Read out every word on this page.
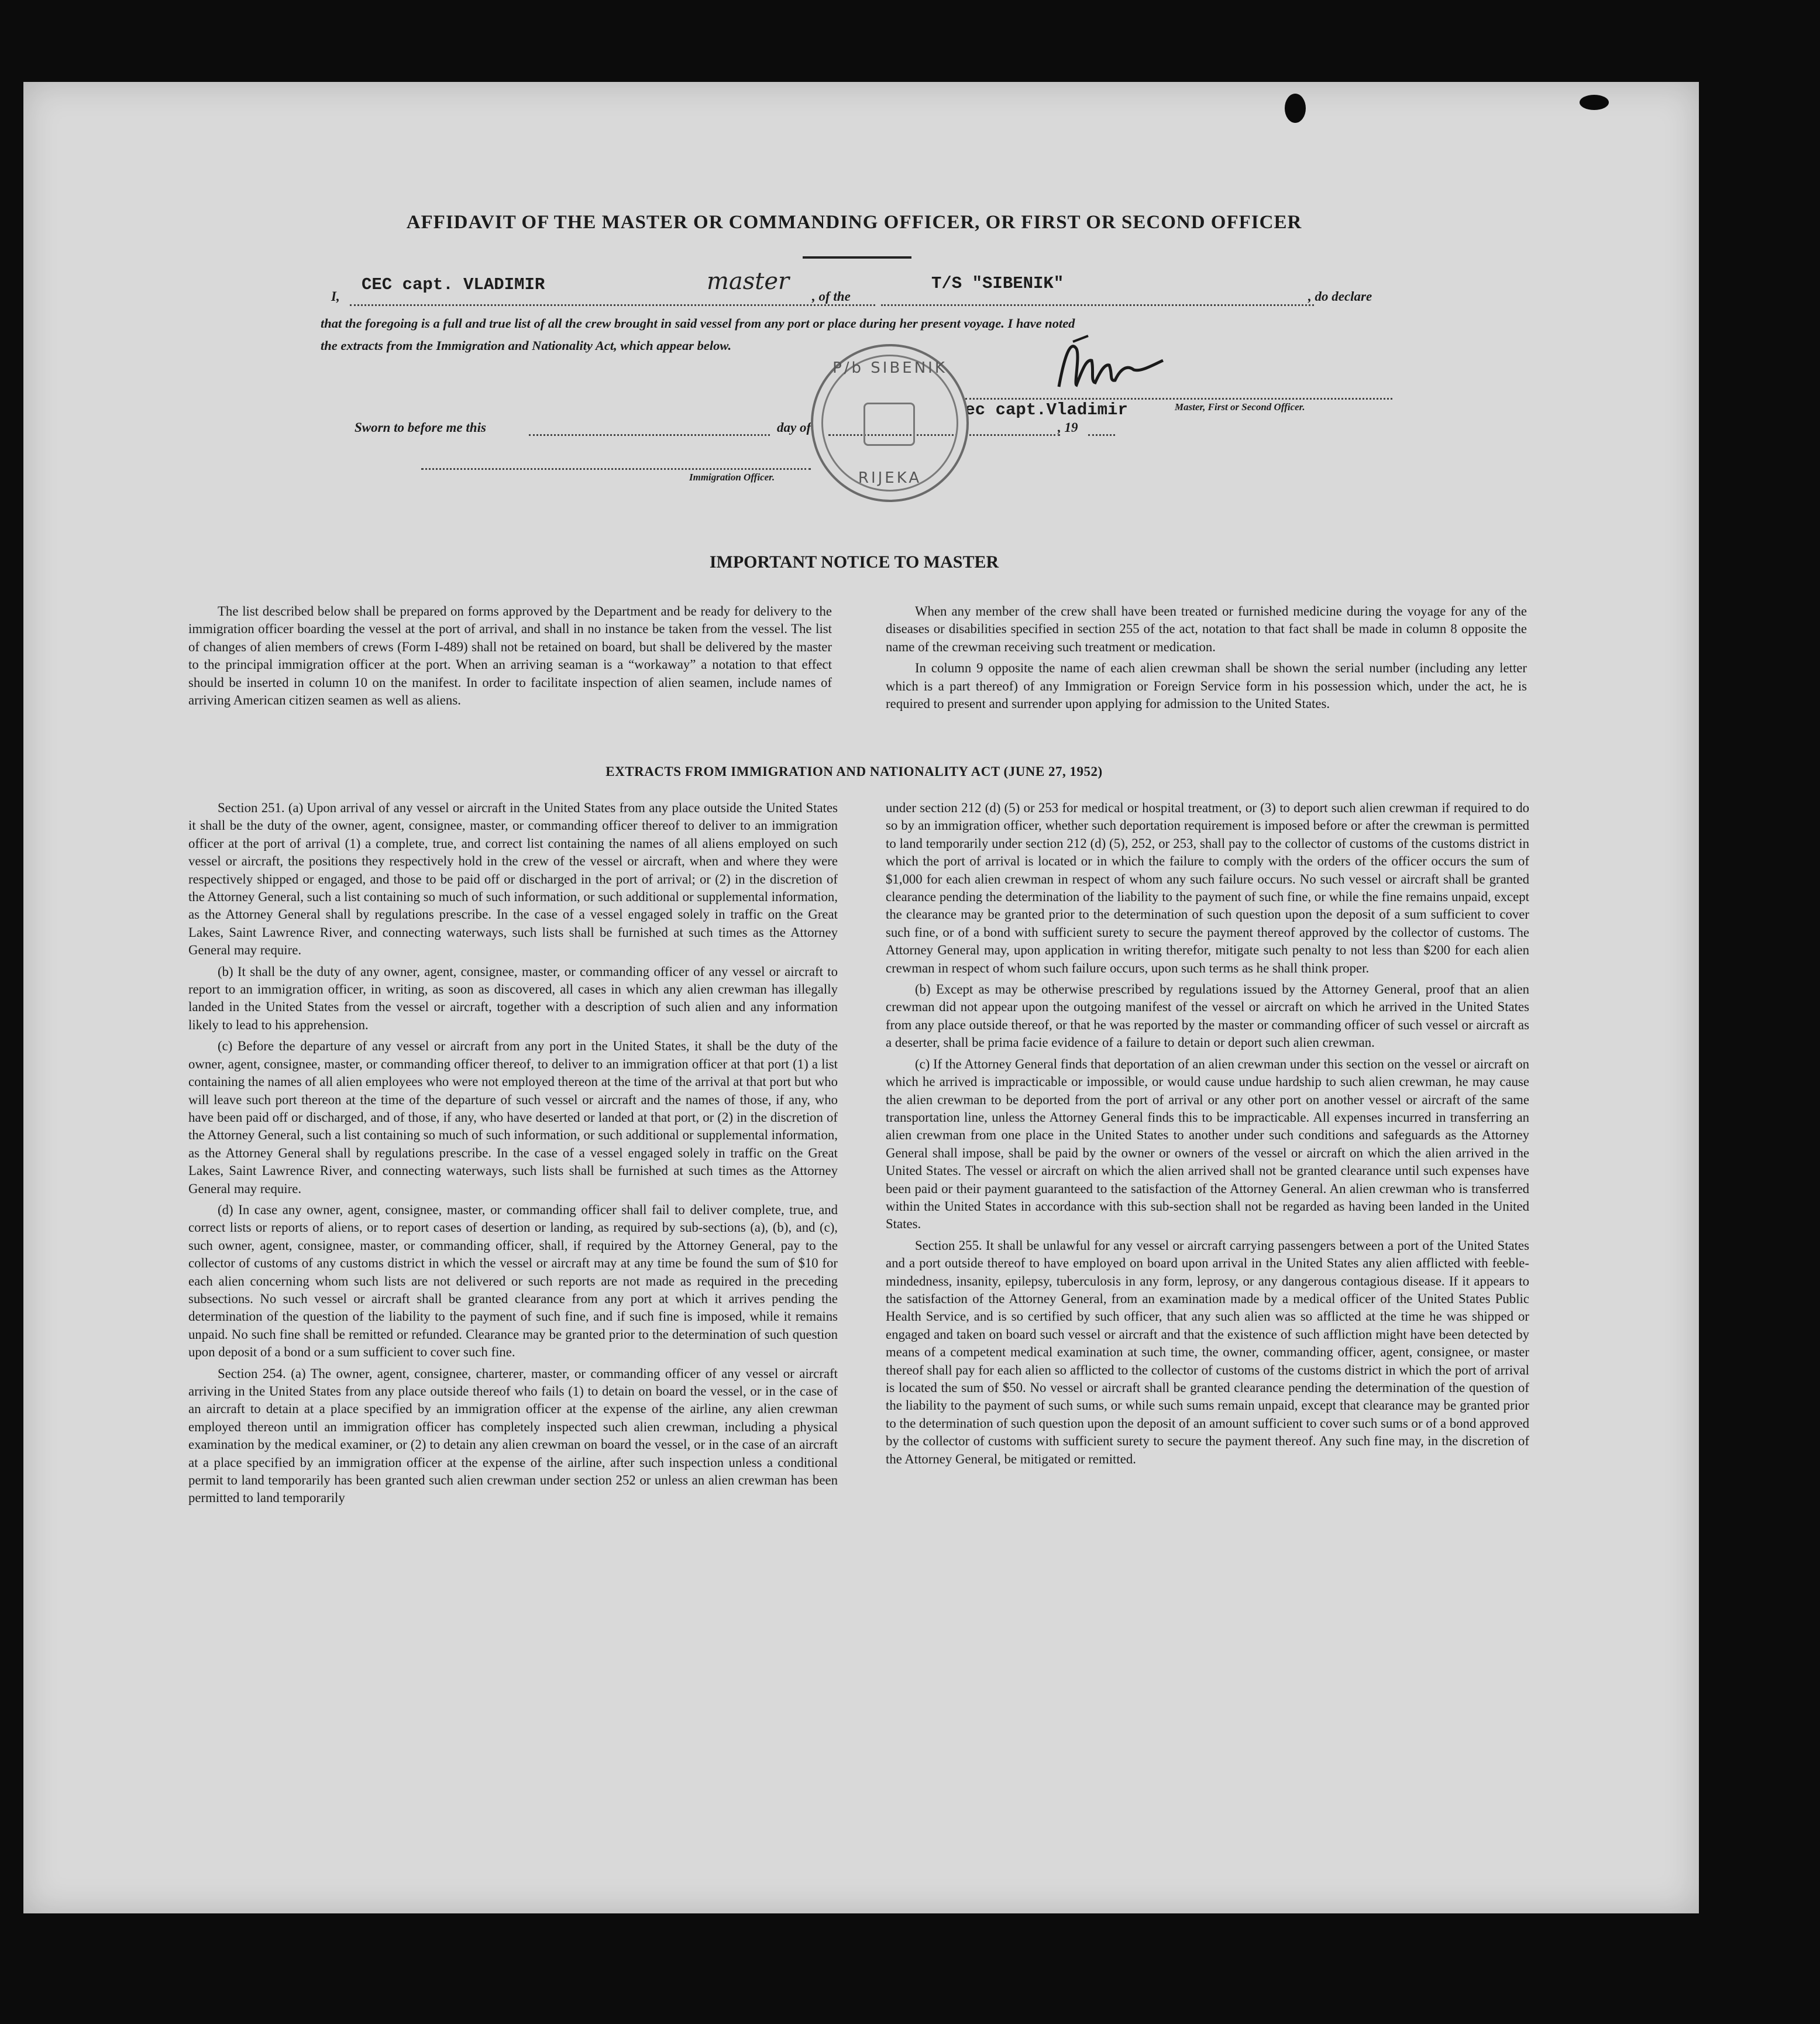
AFFIDAVIT OF THE MASTER OR COMMANDING OFFICER, OR FIRST OR SECOND OFFICER
I,
CEC capt. VLADIMIR	master
, of the
T/S "SIBENIK"
, do declare
that the foregoing is a full and true list of all the crew brought in said vessel from any port or place during her present voyage. I have noted
the extracts from the Immigration and Nationality Act, which appear below.
Cec capt.Vladimir	Master, First or Second Officer.
Sworn to before me this	day of	, 19
Immigration Officer.
P/b SIBENIK
RIJEKA
IMPORTANT NOTICE TO MASTER

The list described below shall be prepared on forms approved by the Department and be ready for delivery to the immigration officer boarding the vessel at the port of arrival, and shall in no instance be taken from the vessel. The list of changes of alien members of crews (Form I-489) shall not be retained on board, but shall be delivered by the master to the principal immigration officer at the port. When an arriving seaman is a “workaway” a notation to that effect should be inserted in column 10 on the manifest. In order to facilitate inspection of alien seamen, include names of arriving American citizen seamen as well as aliens.

When any member of the crew shall have been treated or furnished medicine during the voyage for any of the diseases or disabilities specified in section 255 of the act, notation to that fact shall be made in column 8 opposite the name of the crewman receiving such treatment or medication.

In column 9 opposite the name of each alien crewman shall be shown the serial number (including any letter which is a part thereof) of any Immigration or Foreign Service form in his possession which, under the act, he is required to present and surrender upon applying for admission to the United States.

EXTRACTS FROM IMMIGRATION AND NATIONALITY ACT (JUNE 27, 1952)

Section 251. (a) Upon arrival of any vessel or aircraft in the United States from any place outside the United States it shall be the duty of the owner, agent, consignee, master, or commanding officer thereof to deliver to an immigration officer at the port of arrival (1) a complete, true, and correct list containing the names of all aliens employed on such vessel or aircraft, the positions they respectively hold in the crew of the vessel or aircraft, when and where they were respectively shipped or engaged, and those to be paid off or discharged in the port of arrival; or (2) in the discretion of the Attorney General, such a list containing so much of such information, or such additional or supplemental information, as the Attorney General shall by regulations prescribe. In the case of a vessel engaged solely in traffic on the Great Lakes, Saint Lawrence River, and connecting waterways, such lists shall be furnished at such times as the Attorney General may require.

(b) It shall be the duty of any owner, agent, consignee, master, or commanding officer of any vessel or aircraft to report to an immigration officer, in writing, as soon as discovered, all cases in which any alien crewman has illegally landed in the United States from the vessel or aircraft, together with a description of such alien and any information likely to lead to his apprehension.

(c) Before the departure of any vessel or aircraft from any port in the United States, it shall be the duty of the owner, agent, consignee, master, or commanding officer thereof, to deliver to an immigration officer at that port (1) a list containing the names of all alien employees who were not employed thereon at the time of the arrival at that port but who will leave such port thereon at the time of the departure of such vessel or aircraft and the names of those, if any, who have been paid off or discharged, and of those, if any, who have deserted or landed at that port, or (2) in the discretion of the Attorney General, such a list containing so much of such information, or such additional or supplemental information, as the Attorney General shall by regulations prescribe. In the case of a vessel engaged solely in traffic on the Great Lakes, Saint Lawrence River, and connecting waterways, such lists shall be furnished at such times as the Attorney General may require.

(d) In case any owner, agent, consignee, master, or commanding officer shall fail to deliver complete, true, and correct lists or reports of aliens, or to report cases of desertion or landing, as required by sub-sections (a), (b), and (c), such owner, agent, consignee, master, or commanding officer, shall, if required by the Attorney General, pay to the collector of customs of any customs district in which the vessel or aircraft may at any time be found the sum of $10 for each alien concerning whom such lists are not delivered or such reports are not made as required in the preceding subsections. No such vessel or aircraft shall be granted clearance from any port at which it arrives pending the determination of the question of the liability to the payment of such fine, and if such fine is imposed, while it remains unpaid. No such fine shall be remitted or refunded. Clearance may be granted prior to the determination of such question upon deposit of a bond or a sum sufficient to cover such fine.

Section 254. (a) The owner, agent, consignee, charterer, master, or commanding officer of any vessel or aircraft arriving in the United States from any place outside thereof who fails (1) to detain on board the vessel, or in the case of an aircraft to detain at a place specified by an immigration officer at the expense of the airline, any alien crewman employed thereon until an immigration officer has completely inspected such alien crewman, including a physical examination by the medical examiner, or (2) to detain any alien crewman on board the vessel, or in the case of an aircraft at a place specified by an immigration officer at the expense of the airline, after such inspection unless a conditional permit to land temporarily has been granted such alien crewman under section 252 or unless an alien crewman has been permitted to land temporarily

under section 212 (d) (5) or 253 for medical or hospital treatment, or (3) to deport such alien crewman if required to do so by an immigration officer, whether such deportation requirement is imposed before or after the crewman is permitted to land temporarily under section 212 (d) (5), 252, or 253, shall pay to the collector of customs of the customs district in which the port of arrival is located or in which the failure to comply with the orders of the officer occurs the sum of $1,000 for each alien crewman in respect of whom any such failure occurs. No such vessel or aircraft shall be granted clearance pending the determination of the liability to the payment of such fine, or while the fine remains unpaid, except the clearance may be granted prior to the determination of such question upon the deposit of a sum sufficient to cover such fine, or of a bond with sufficient surety to secure the payment thereof approved by the collector of customs. The Attorney General may, upon application in writing therefor, mitigate such penalty to not less than $200 for each alien crewman in respect of whom such failure occurs, upon such terms as he shall think proper.

(b) Except as may be otherwise prescribed by regulations issued by the Attorney General, proof that an alien crewman did not appear upon the outgoing manifest of the vessel or aircraft on which he arrived in the United States from any place outside thereof, or that he was reported by the master or commanding officer of such vessel or aircraft as a deserter, shall be prima facie evidence of a failure to detain or deport such alien crewman.

(c) If the Attorney General finds that deportation of an alien crewman under this section on the vessel or aircraft on which he arrived is impracticable or impossible, or would cause undue hardship to such alien crewman, he may cause the alien crewman to be deported from the port of arrival or any other port on another vessel or aircraft of the same transportation line, unless the Attorney General finds this to be impracticable. All expenses incurred in transferring an alien crewman from one place in the United States to another under such conditions and safeguards as the Attorney General shall impose, shall be paid by the owner or owners of the vessel or aircraft on which the alien arrived in the United States. The vessel or aircraft on which the alien arrived shall not be granted clearance until such expenses have been paid or their payment guaranteed to the satisfaction of the Attorney General. An alien crewman who is transferred within the United States in accordance with this sub-section shall not be regarded as having been landed in the United States.

Section 255. It shall be unlawful for any vessel or aircraft carrying passengers between a port of the United States and a port outside thereof to have employed on board upon arrival in the United States any alien afflicted with feeble-mindedness, insanity, epilepsy, tuberculosis in any form, leprosy, or any dangerous contagious disease. If it appears to the satisfaction of the Attorney General, from an examination made by a medical officer of the United States Public Health Service, and is so certified by such officer, that any such alien was so afflicted at the time he was shipped or engaged and taken on board such vessel or aircraft and that the existence of such affliction might have been detected by means of a competent medical examination at such time, the owner, commanding officer, agent, consignee, or master thereof shall pay for each alien so afflicted to the collector of customs of the customs district in which the port of arrival is located the sum of $50. No vessel or aircraft shall be granted clearance pending the determination of the question of the liability to the payment of such sums, or while such sums remain unpaid, except that clearance may be granted prior to the determination of such question upon the deposit of an amount sufficient to cover such sums or of a bond approved by the collector of customs with sufficient surety to secure the payment thereof. Any such fine may, in the discretion of the Attorney General, be mitigated or remitted.
